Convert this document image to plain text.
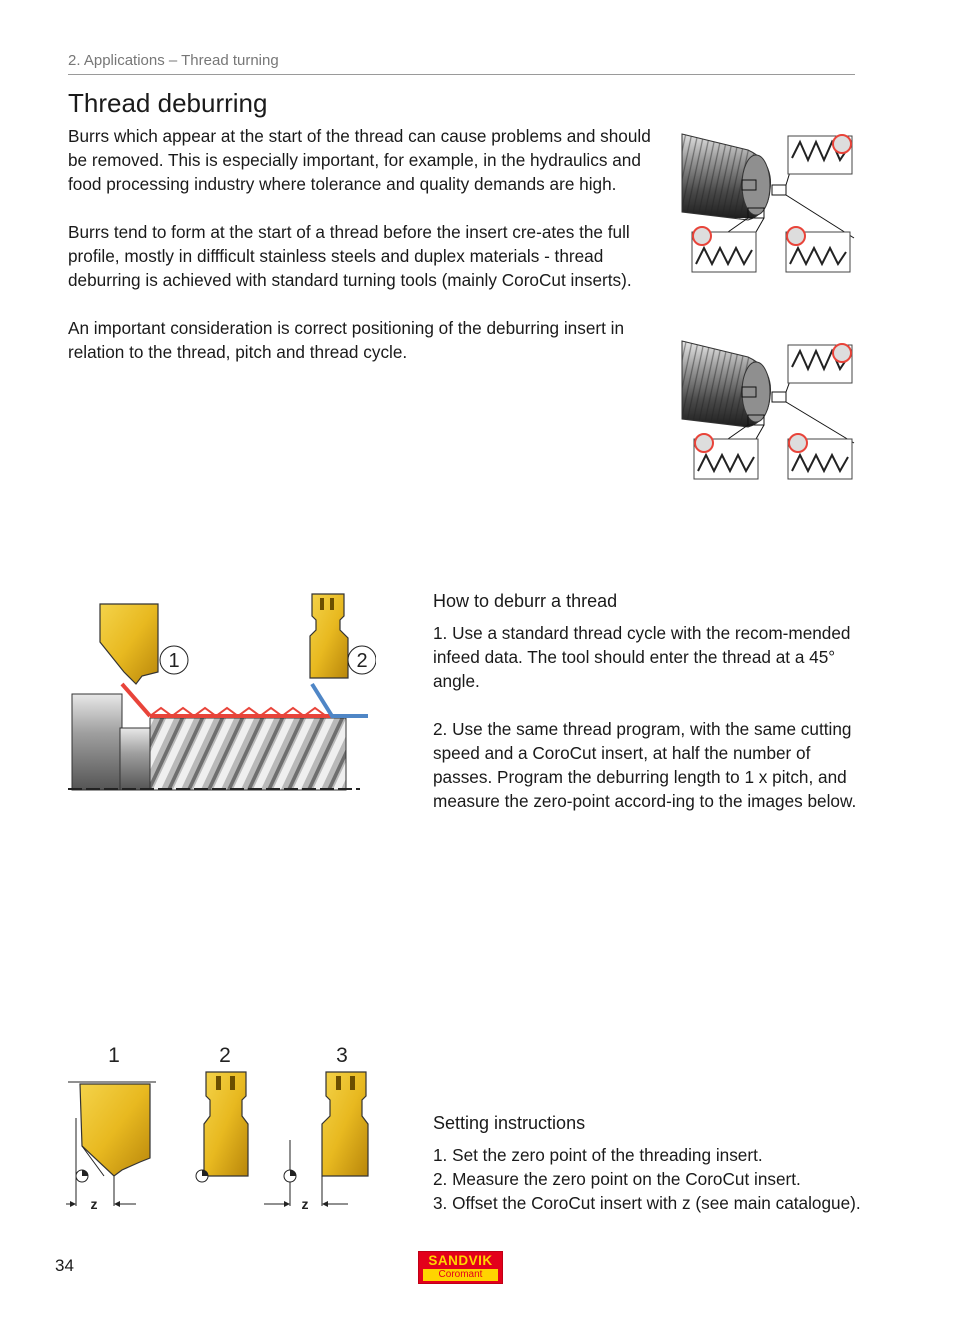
2. Applications – Thread turning
Thread deburring

Burrs which appear at the start of the thread can cause problems and should be removed. This is especially important, for example, in the hydraulics and food processing industry where tolerance and quality demands are high.

Burrs tend to form at the start of a thread before the insert cre-ates the full profile, mostly in diffficult stainless steels and duplex materials - thread deburring is achieved with standard turning tools (mainly CoroCut inserts).

An important consideration is correct positioning of the deburring insert in relation to the thread, pitch and thread cycle.

1	2
How to deburr a thread

1. Use a standard thread cycle with the recom-mended infeed data. The tool should enter the thread at a 45° angle.

2. Use the same thread program, with the same cutting speed and a CoroCut insert, at half the number of passes. Program the deburring length to 1 x pitch, and measure the zero-point accord-ing to the images below.

1	2	3
z	z
Setting instructions

1. Set the zero point of the threading insert.

2. Measure the zero point on the CoroCut insert.

3. Offset the CoroCut insert with z (see main catalogue).

34	SANDVIK
Coromant
